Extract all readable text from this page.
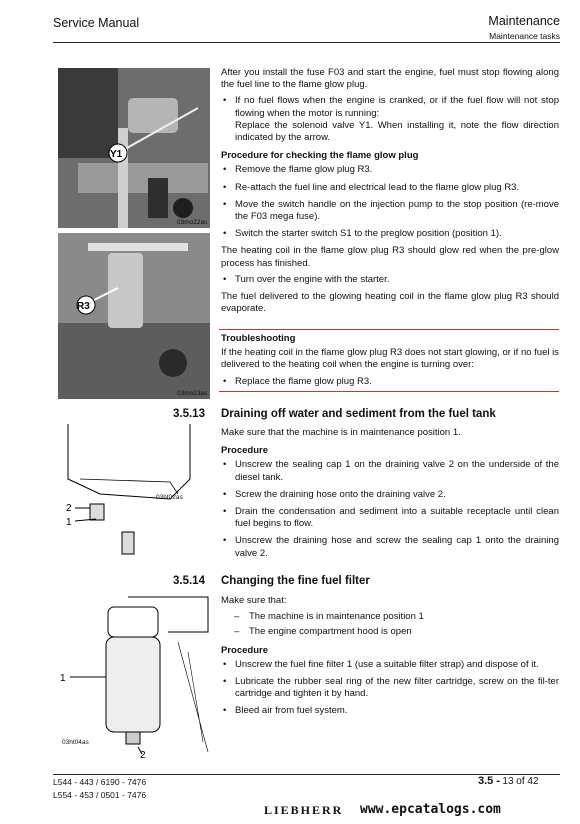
Service Manual	Maintenance
Maintenance tasks
Y1
03mo22as
R3
03mo23as

After you install the fuse F03 and start the engine, fuel must stop flowing along the fuel line to the flame glow plug.

• If no fuel flows when the engine is cranked, or if the fuel flow will not stop flowing when the motor is running:
Replace the solenoid valve Y1. When installing it, note the flow direction indicated by the arrow.
Procedure for checking the flame glow plug
• Remove the flame glow plug R3.
• Re-attach the fuel line and electrical lead to the flame glow plug R3.
• Move the switch handle on the injection pump to the stop position (re-move the F03 mega fuse).
• Switch the starter switch S1 to the preglow position (position 1).

The heating coil in the flame glow plug R3 should glow red when the pre-glow process has finished.

• Turn over the engine with the starter.

The fuel delivered to the glowing heating coil in the flame glow plug R3 should evaporate.

Troubleshooting

If the heating coil in the flame glow plug R3 does not start glowing, or if no fuel is delivered to the heating coil when the engine is turning over:

• Replace the flame glow plug R3.
3.5.13 Draining off water and sediment from the fuel tank
2
1
03ht02as

Make sure that the machine is in maintenance position 1.

Procedure
• Unscrew the sealing cap 1 on the draining valve 2 on the underside of the diesel tank.
• Screw the draining hose onto the draining valve 2.
• Drain the condensation and sediment into a suitable receptacle until clean fuel begins to flow.
• Unscrew the draining hose and screw the sealing cap 1 onto the draining valve 2.
3.5.14 Changing the fine fuel filter
1
2
03ht04as

Make sure that:

– The machine is in maintenance position 1
– The engine compartment hood is open
Procedure
• Unscrew the fuel fine filter 1 (use a suitable filter strap) and dispose of it.
• Lubricate the rubber seal ring of the new filter cartridge, screw on the fil-ter cartridge and tighten it by hand.
• Bleed air from fuel system.
L544 - 443 / 6190 - 7476
L554 - 453 / 0501 - 7476
3.5 - 13 of 42
LIEBHERR www.epcatalogs.com
